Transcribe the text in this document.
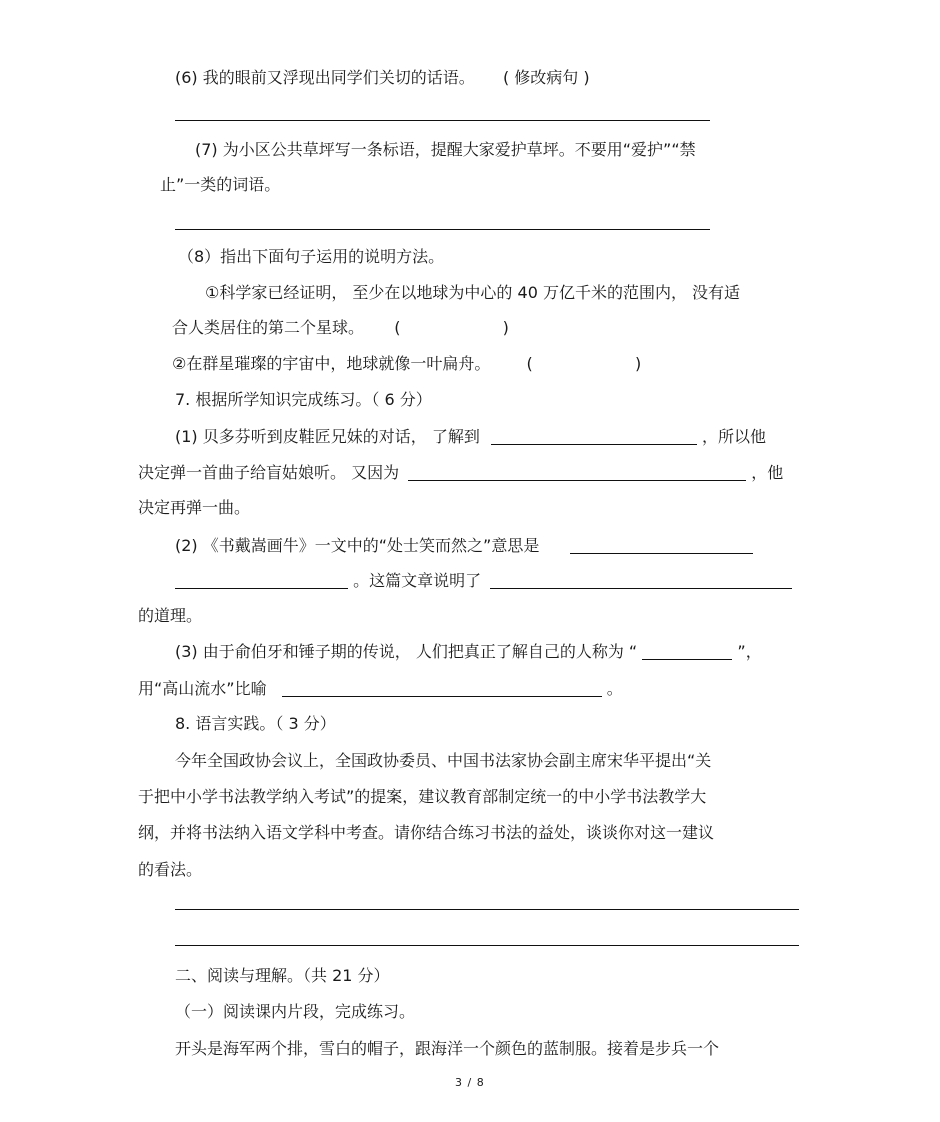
(6) 我的眼前又浮现出同学们关切的话语。 ( 修改病句 )
(7) 为小区公共草坪写一条标语，提醒大家爱护草坪。不要用“爱护”“禁
止”一类的词语。
（8）指出下面句子运用的说明方法。
①科学家已经证明， 至少在以地球为中心的 40 万亿千米的范围内， 没有适
合人类居住的第二个星球。 (	)
②在群星璀璨的宇宙中，地球就像一叶扁舟。 (	)
7. 根据所学知识完成练习。（ 6 分）
(1) 贝多芬听到皮鞋匠兄妹的对话， 了解到	，所以他
决定弹一首曲子给盲姑娘听。 又因为	，他
决定再弹一曲。
(2) 《书戴嵩画牛》一文中的“处士笑而然之”意思是
。这篇文章说明了
的道理。
(3) 由于俞伯牙和锤子期的传说， 人们把真正了解自己的人称为 “	”，
用“高山流水”比喻	。
8. 语言实践。（ 3 分）
今年全国政协会议上，全国政协委员、中国书法家协会副主席宋华平提出“关
于把中小学书法教学纳入考试”的提案，建议教育部制定统一的中小学书法教学大
纲，并将书法纳入语文学科中考查。请你结合练习书法的益处，谈谈你对这一建议
的看法。
二、阅读与理解。（共 21 分）
（一）阅读课内片段，完成练习。
开头是海军两个排，雪白的帽子，跟海洋一个颜色的蓝制服。接着是步兵一个
3 / 8
